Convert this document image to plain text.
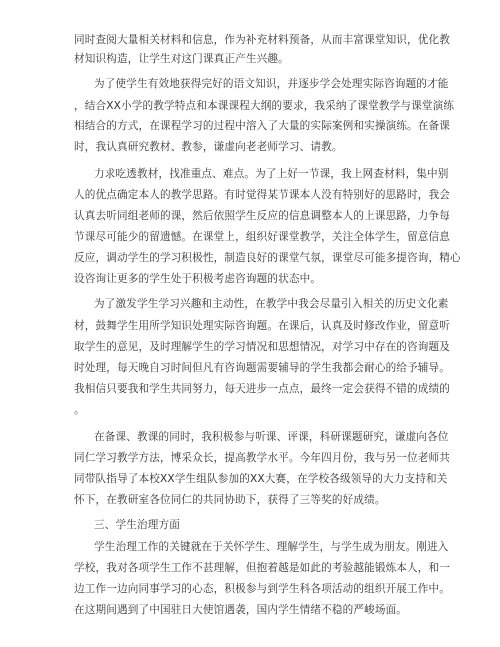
同时查阅大量相关材料和信息，作为补充材料预备，从而丰富课堂知识，优化教
材知识构造，让学生对这门课真正产生兴趣。
为了使学生有效地获得完好的语文知识，并逐步学会处理实际咨询题的才能
，结合XX小学的教学特点和本课课程大纲的要求，我采纳了课堂教学与课堂演练
相结合的方式，在课程学习的过程中溶入了大量的实际案例和实操演练。在备课
时，我认真研究教材、教参，谦虚向老老师学习、请教。
力求吃透教材，找准重点、难点。为了上好一节课，我上网查材料，集中别
人的优点确定本人的教学思路。有时觉得某节课本人没有特别好的思路时，我会
认真去听同组老师的课，然后依照学生反应的信息调整本人的上课思路，力争每
节课尽可能少的留遗憾。在课堂上，组织好课堂教学，关注全体学生，留意信息
反应，调动学生的学习积极性，制造良好的课堂气氛，课堂尽可能多提咨询，精心
设咨询让更多的学生处于积极考虑咨询题的状态中。
为了激发学生学习兴趣和主动性，在教学中我会尽量引入相关的历史文化素
材，鼓舞学生用所学知识处理实际咨询题。在课后，认真及时修改作业，留意听
取学生的意见，及时理解学生的学习情况和思想情况，对学习中存在的咨询题及
时处理，每天晚自习时间但凡有咨询题需要辅导的学生我都会耐心的给予辅导。
我相信只要我和学生共同努力，每天进步一点点，最终一定会获得不错的成绩的
。
在备课、教课的同时，我积极参与听课、评课，科研课题研究，谦虚向各位
同仁学习教学方法，博采众长，提高教学水平。今年四月份，我与另一位老师共
同带队指导了本校XX学生组队参加的XX大赛，在学校各级领导的大力支持和关
怀下，在教研室各位同仁的共同协助下，获得了三等奖的好成绩。
三、学生治理方面
学生治理工作的关键就在于关怀学生、理解学生，与学生成为朋友。刚进入
学校，我对各项学生工作不甚理解，但抱着越是如此的考验越能锻炼本人，和一
边工作一边向同事学习的心态，积极参与到学生科各项活动的组织开展工作中。
在这期间遇到了中国驻日大使馆遇袭，国内学生情绪不稳的严峻场面。
